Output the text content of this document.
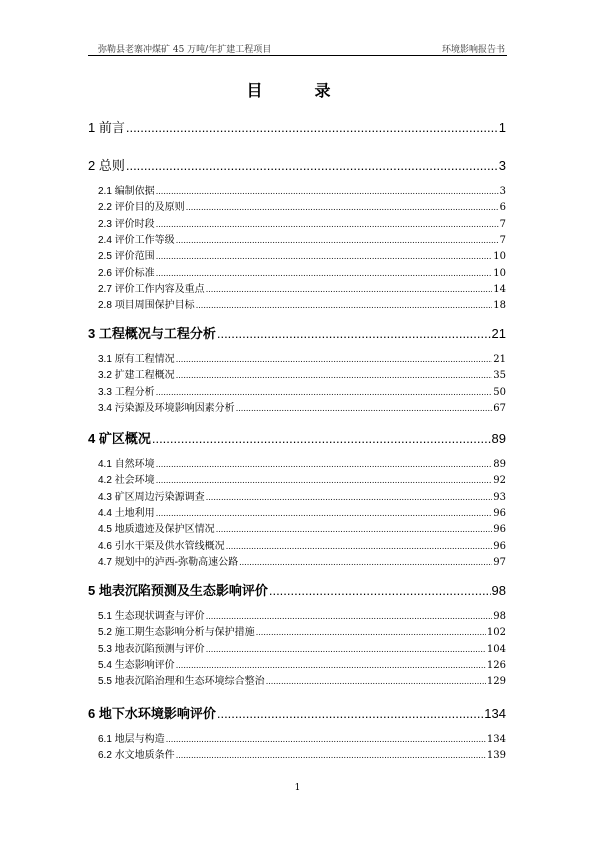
弥勒县老寨冲煤矿 45 万吨/年扩建工程项目	环境影响报告书
目　录
1 前言 .....	1
2 总则 .....	3
2.1 编制依据 .....	3
2.2 评价目的及原则 .....	6
2.3 评价时段 .....	7
2.4 评价工作等级 .....	7
2.5 评价范围 .....	10
2.6 评价标准 .....	10
2.7 评价工作内容及重点 .....	14
2.8 项目周围保护目标 .....	18
3 工程概况与工程分析 .....	21
3.1 原有工程情况 .....	21
3.2 扩建工程概况 .....	35
3.3 工程分析 .....	50
3.4 污染源及环境影响因素分析 .....	67
4 矿区概况 .....	89
4.1 自然环境 .....	89
4.2 社会环境 .....	92
4.3 矿区周边污染源调查 .....	93
4.4 土地利用 .....	96
4.5 地质遗迹及保护区情况 .....	96
4.6 引水干渠及供水管线概况 .....	96
4.7 规划中的泸西-弥勒高速公路 .....	97
5 地表沉陷预测及生态影响评价 .....	98
5.1 生态现状调查与评价 .....	98
5.2 施工期生态影响分析与保护措施 .....	102
5.3 地表沉陷预测与评价 .....	104
5.4 生态影响评价 .....	126
5.5 地表沉陷治理和生态环境综合整治 .....	129
6 地下水环境影响评价 .....	134
6.1 地层与构造 .....	134
6.2 水文地质条件 .....	139
1
